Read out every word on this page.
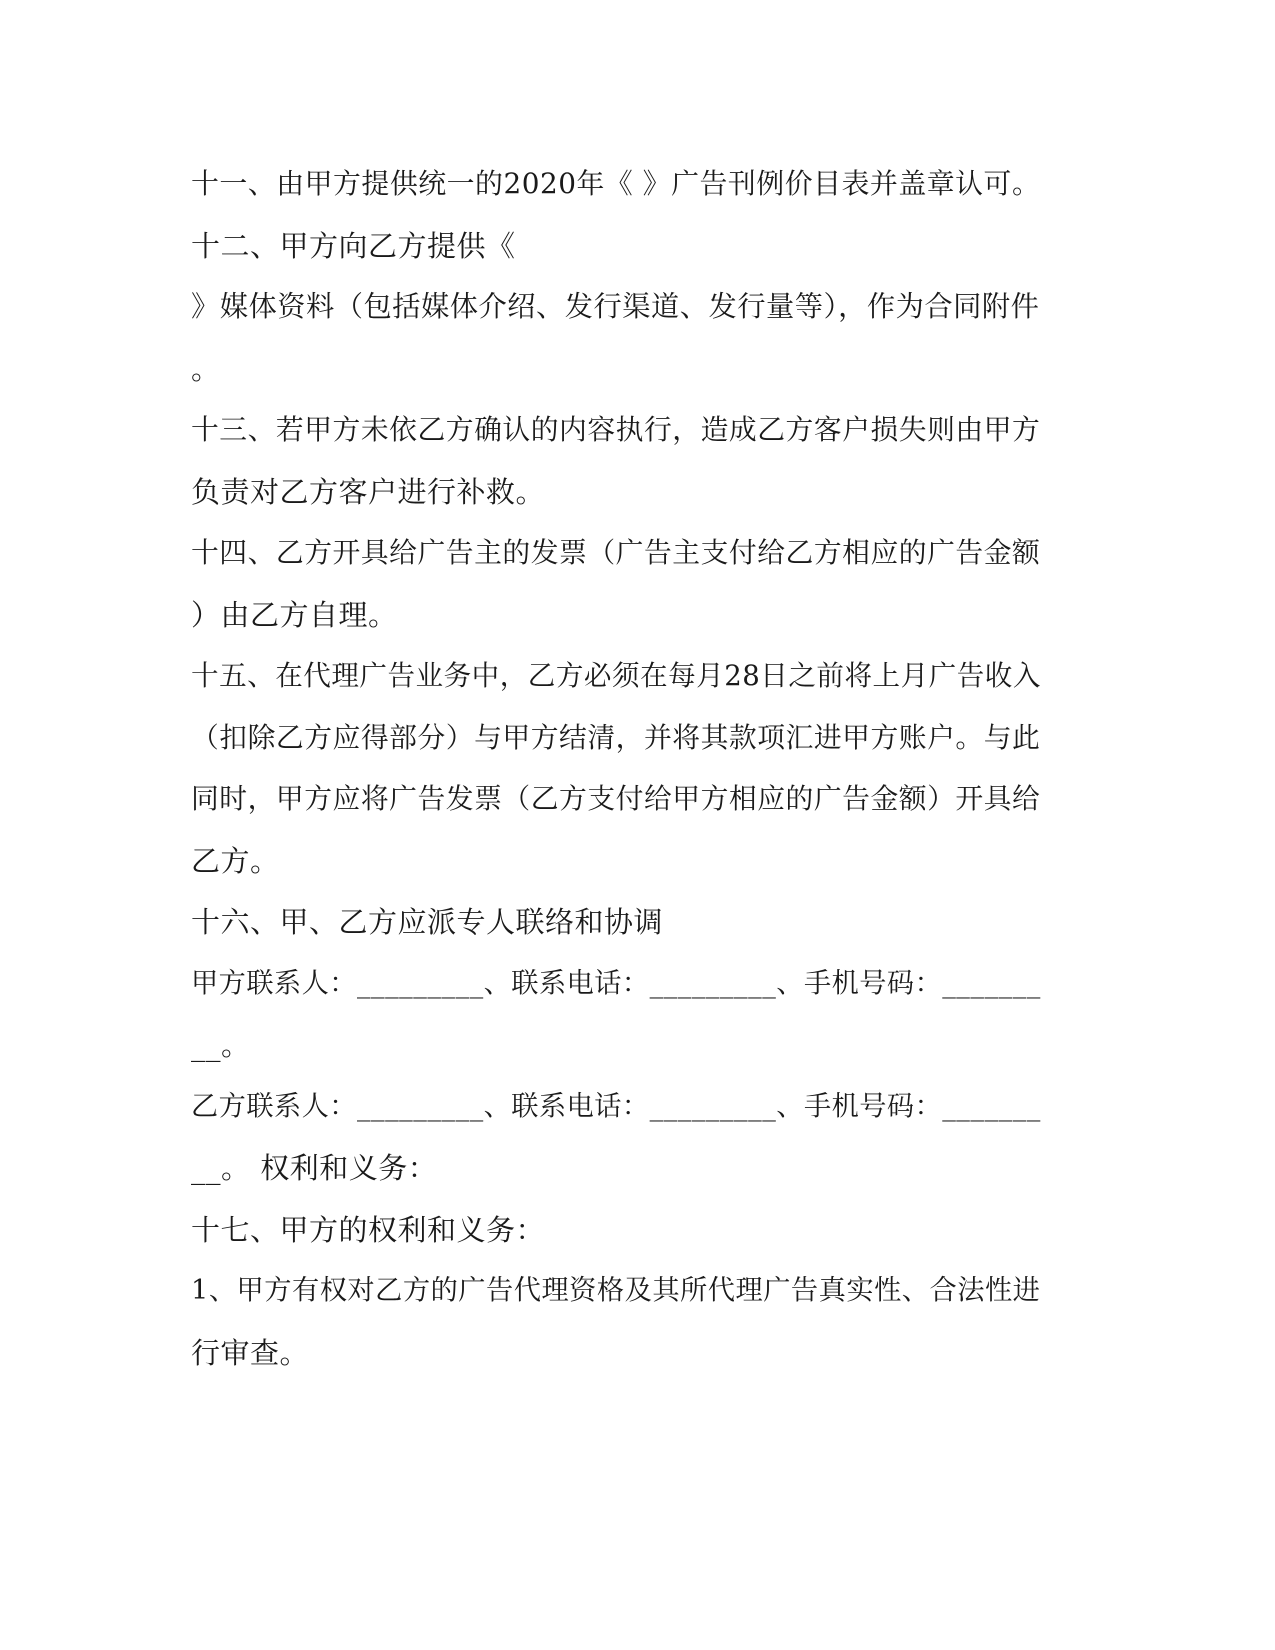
十一、由甲方提供统一的2020年《 》广告刊例价目表并盖章认可。

十二、甲方向乙方提供《

》媒体资料（包括媒体介绍、发行渠道、发行量等），作为合同附件

。

十三、若甲方未依乙方确认的内容执行，造成乙方客户损失则由甲方

负责对乙方客户进行补救。

十四、乙方开具给广告主的发票（广告主支付给乙方相应的广告金额

）由乙方自理。

十五、在代理广告业务中，乙方必须在每月28日之前将上月广告收入

（扣除乙方应得部分）与甲方结清，并将其款项汇进甲方账户。与此

同时，甲方应将广告发票（乙方支付给甲方相应的广告金额）开具给

乙方。

十六、甲、乙方应派专人联络和协调

甲方联系人：_________、联系电话：_________、手机号码：_______

__。

乙方联系人：_________、联系电话：_________、手机号码：_______

__。 权利和义务：

十七、甲方的权利和义务：

1、甲方有权对乙方的广告代理资格及其所代理广告真实性、合法性进

行审查。
